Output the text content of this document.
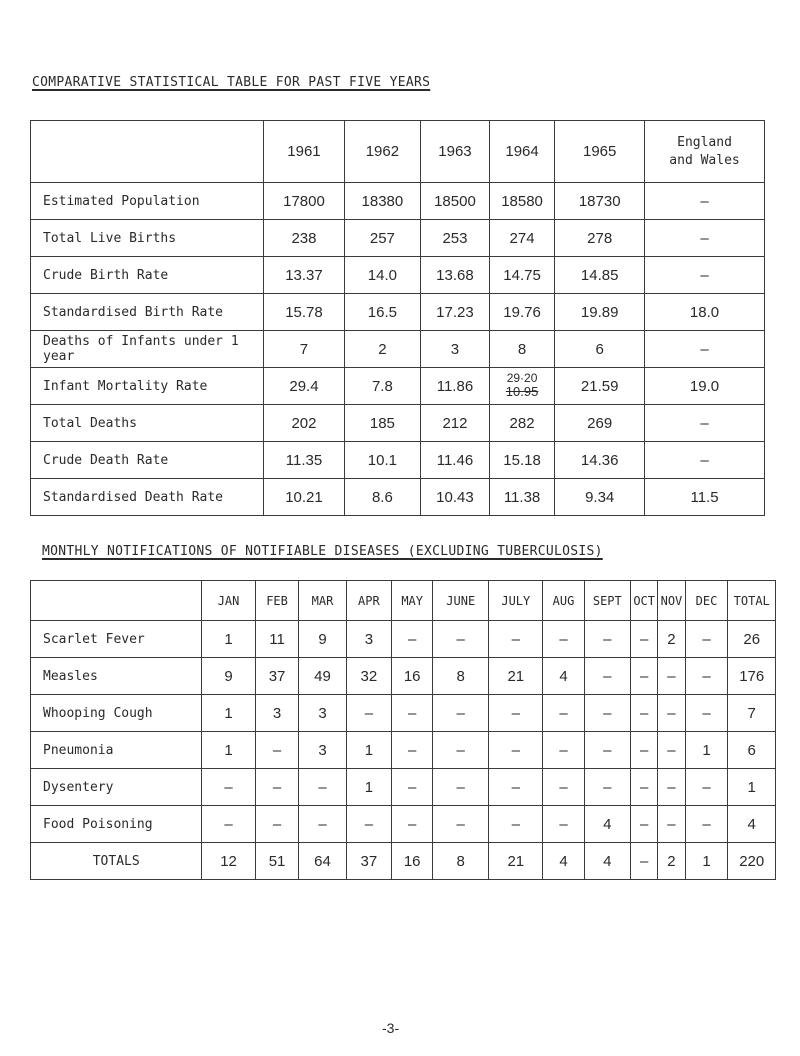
COMPARATIVE STATISTICAL TABLE FOR PAST FIVE YEARS
	1961	1962	1963	1964	1965	England
and Wales
Estimated Population	17800	18380	18500	18580	18730	–
Total Live Births	238	257	253	274	278	–
Crude Birth Rate	13.37	14.0	13.68	14.75	14.85	–
Standardised Birth Rate	15.78	16.5	17.23	19.76	19.89	18.0
Deaths of Infants under 1 year	7	2	3	8	6	–
Infant Mortality Rate	29.4	7.8	11.86	29·20
10.95	21.59	19.0
Total Deaths	202	185	212	282	269	–
Crude Death Rate	11.35	10.1	11.46	15.18	14.36	–
Standardised Death Rate	10.21	8.6	10.43	11.38	9.34	11.5
MONTHLY NOTIFICATIONS OF NOTIFIABLE DISEASES (EXCLUDING TUBERCULOSIS)
	JAN	FEB	MAR	APR	MAY	JUNE	JULY	AUG	SEPT	OCT	NOV	DEC	TOTAL
Scarlet Fever	1	11	9	3	–	–	–	–	–	–	2	–	26
Measles	9	37	49	32	16	8	21	4	–	–	–	–	176
Whooping Cough	1	3	3	–	–	–	–	–	–	–	–	–	7
Pneumonia	1	–	3	1	–	–	–	–	–	–	–	1	6
Dysentery	–	–	–	1	–	–	–	–	–	–	–	–	1
Food Poisoning	–	–	–	–	–	–	–	–	4	–	–	–	4
TOTALS	12	51	64	37	16	8	21	4	4	–	2	1	220
-3-
